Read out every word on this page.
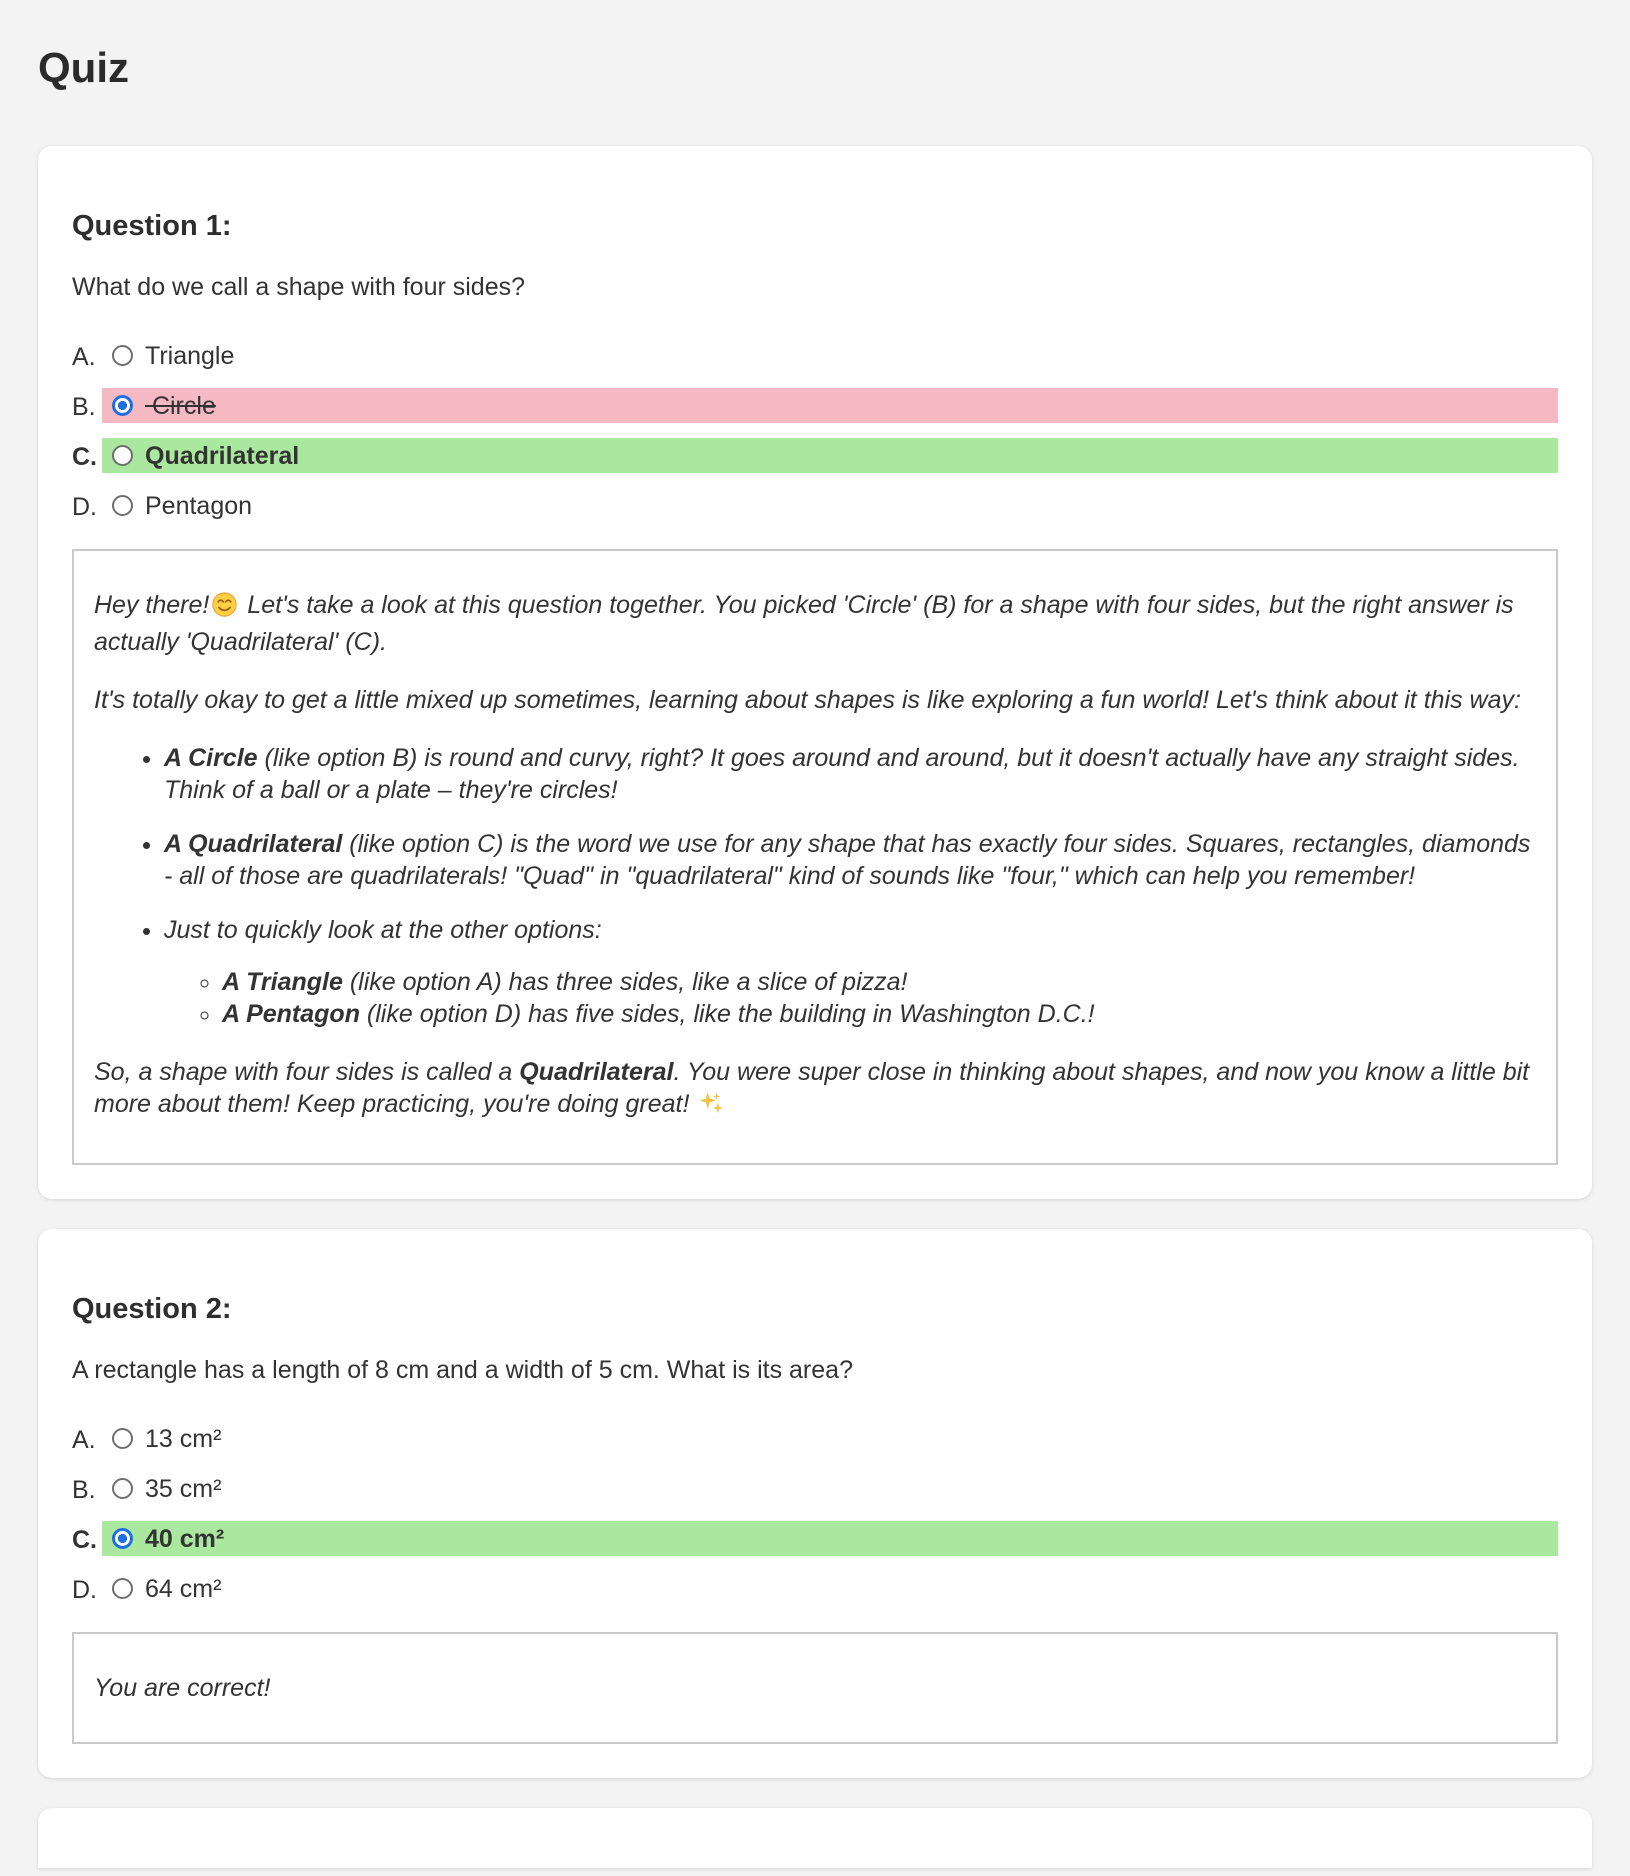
Quiz
Question 1:

What do we call a shape with four sides?

A. Triangle
B. Circle
C. Quadrilateral
D. Pentagon

Hey there! Let's take a look at this question together. You picked 'Circle' (B) for a shape with four sides, but the right answer is actually 'Quadrilateral' (C).

It's totally okay to get a little mixed up sometimes, learning about shapes is like exploring a fun world! Let's think about it this way:

• A Circle (like option B) is round and curvy, right? It goes around and around, but it doesn't actually have any straight sides. Think of a ball or a plate – they're circles!
• A Quadrilateral (like option C) is the word we use for any shape that has exactly four sides. Squares, rectangles, diamonds - all of those are quadrilaterals! "Quad" in "quadrilateral" kind of sounds like "four," which can help you remember!
• Just to quickly look at the other options:
◦ A Triangle (like option A) has three sides, like a slice of pizza!
◦ A Pentagon (like option D) has five sides, like the building in Washington D.C.!

So, a shape with four sides is called a Quadrilateral. You were super close in thinking about shapes, and now you know a little bit more about them! Keep practicing, you're doing great!

Question 2:

A rectangle has a length of 8 cm and a width of 5 cm. What is its area?

A. 13 cm²
B. 35 cm²
C. 40 cm²
D. 64 cm²

You are correct!
